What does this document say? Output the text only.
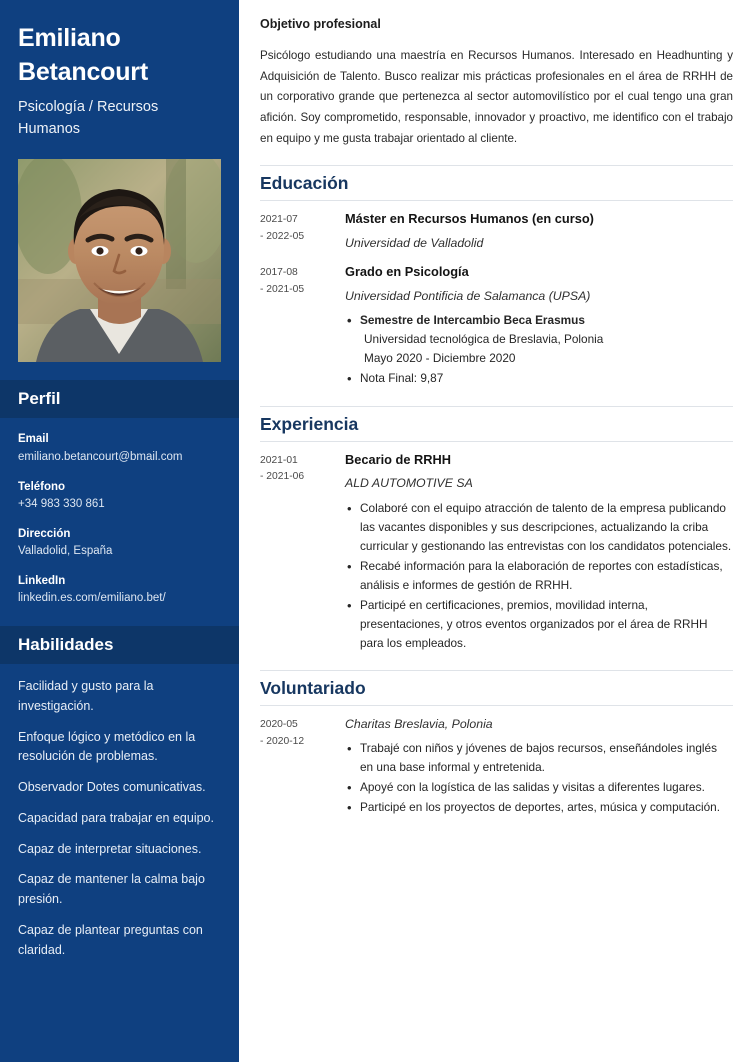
Emiliano
Betancourt
Psicología / Recursos Humanos
Perfil
Email
emiliano.betancourt@bmail.com
Teléfono
+34 983 330 861
Dirección
Valladolid, España
LinkedIn
linkedin.es.com/emiliano.bet/
Habilidades
Facilidad y gusto para la investigación.
Enfoque lógico y metódico en la resolución de problemas.
Observador Dotes comunicativas.
Capacidad para trabajar en equipo.
Capaz de interpretar situaciones.
Capaz de mantener la calma bajo presión.
Capaz de plantear preguntas con claridad.
Objetivo profesional

Psicólogo estudiando una maestría en Recursos Humanos. Interesado en Headhunting y Adquisición de Talento. Busco realizar mis prácticas profesionales en el área de RRHH de un corporativo grande que pertenezca al sector automovilístico por el cual tengo una gran afición. Soy comprometido, responsable, innovador y proactivo, me identifico con el trabajo en equipo y me gusta trabajar orientado al cliente.

Educación
2021-07
- 2022-05
Máster en Recursos Humanos (en curso)
Universidad de Valladolid
2017-08
- 2021-05
Grado en Psicología
Universidad Pontificia de Salamanca (UPSA)
• Semestre de Intercambio Beca Erasmus
Universidad tecnológica de Breslavia, Polonia
Mayo 2020 - Diciembre 2020
• Nota Final: 9,87
Experiencia
2021-01
- 2021-06
Becario de RRHH
ALD AUTOMOTIVE SA
• Colaboré con el equipo atracción de talento de la empresa publicando las vacantes disponibles y sus descripciones, actualizando la criba curricular y gestionando las entrevistas con los candidatos potenciales.
• Recabé información para la elaboración de reportes con estadísticas, análisis e informes de gestión de RRHH.
• Participé en certificaciones, premios, movilidad interna, presentaciones, y otros eventos organizados por el área de RRHH para los empleados.
Voluntariado
2020-05
- 2020-12
Charitas Breslavia, Polonia
• Trabajé con niños y jóvenes de bajos recursos, enseñándoles inglés en una base informal y entretenida.
• Apoyé con la logística de las salidas y visitas a diferentes lugares.
• Participé en los proyectos de deportes, artes, música y computación.
